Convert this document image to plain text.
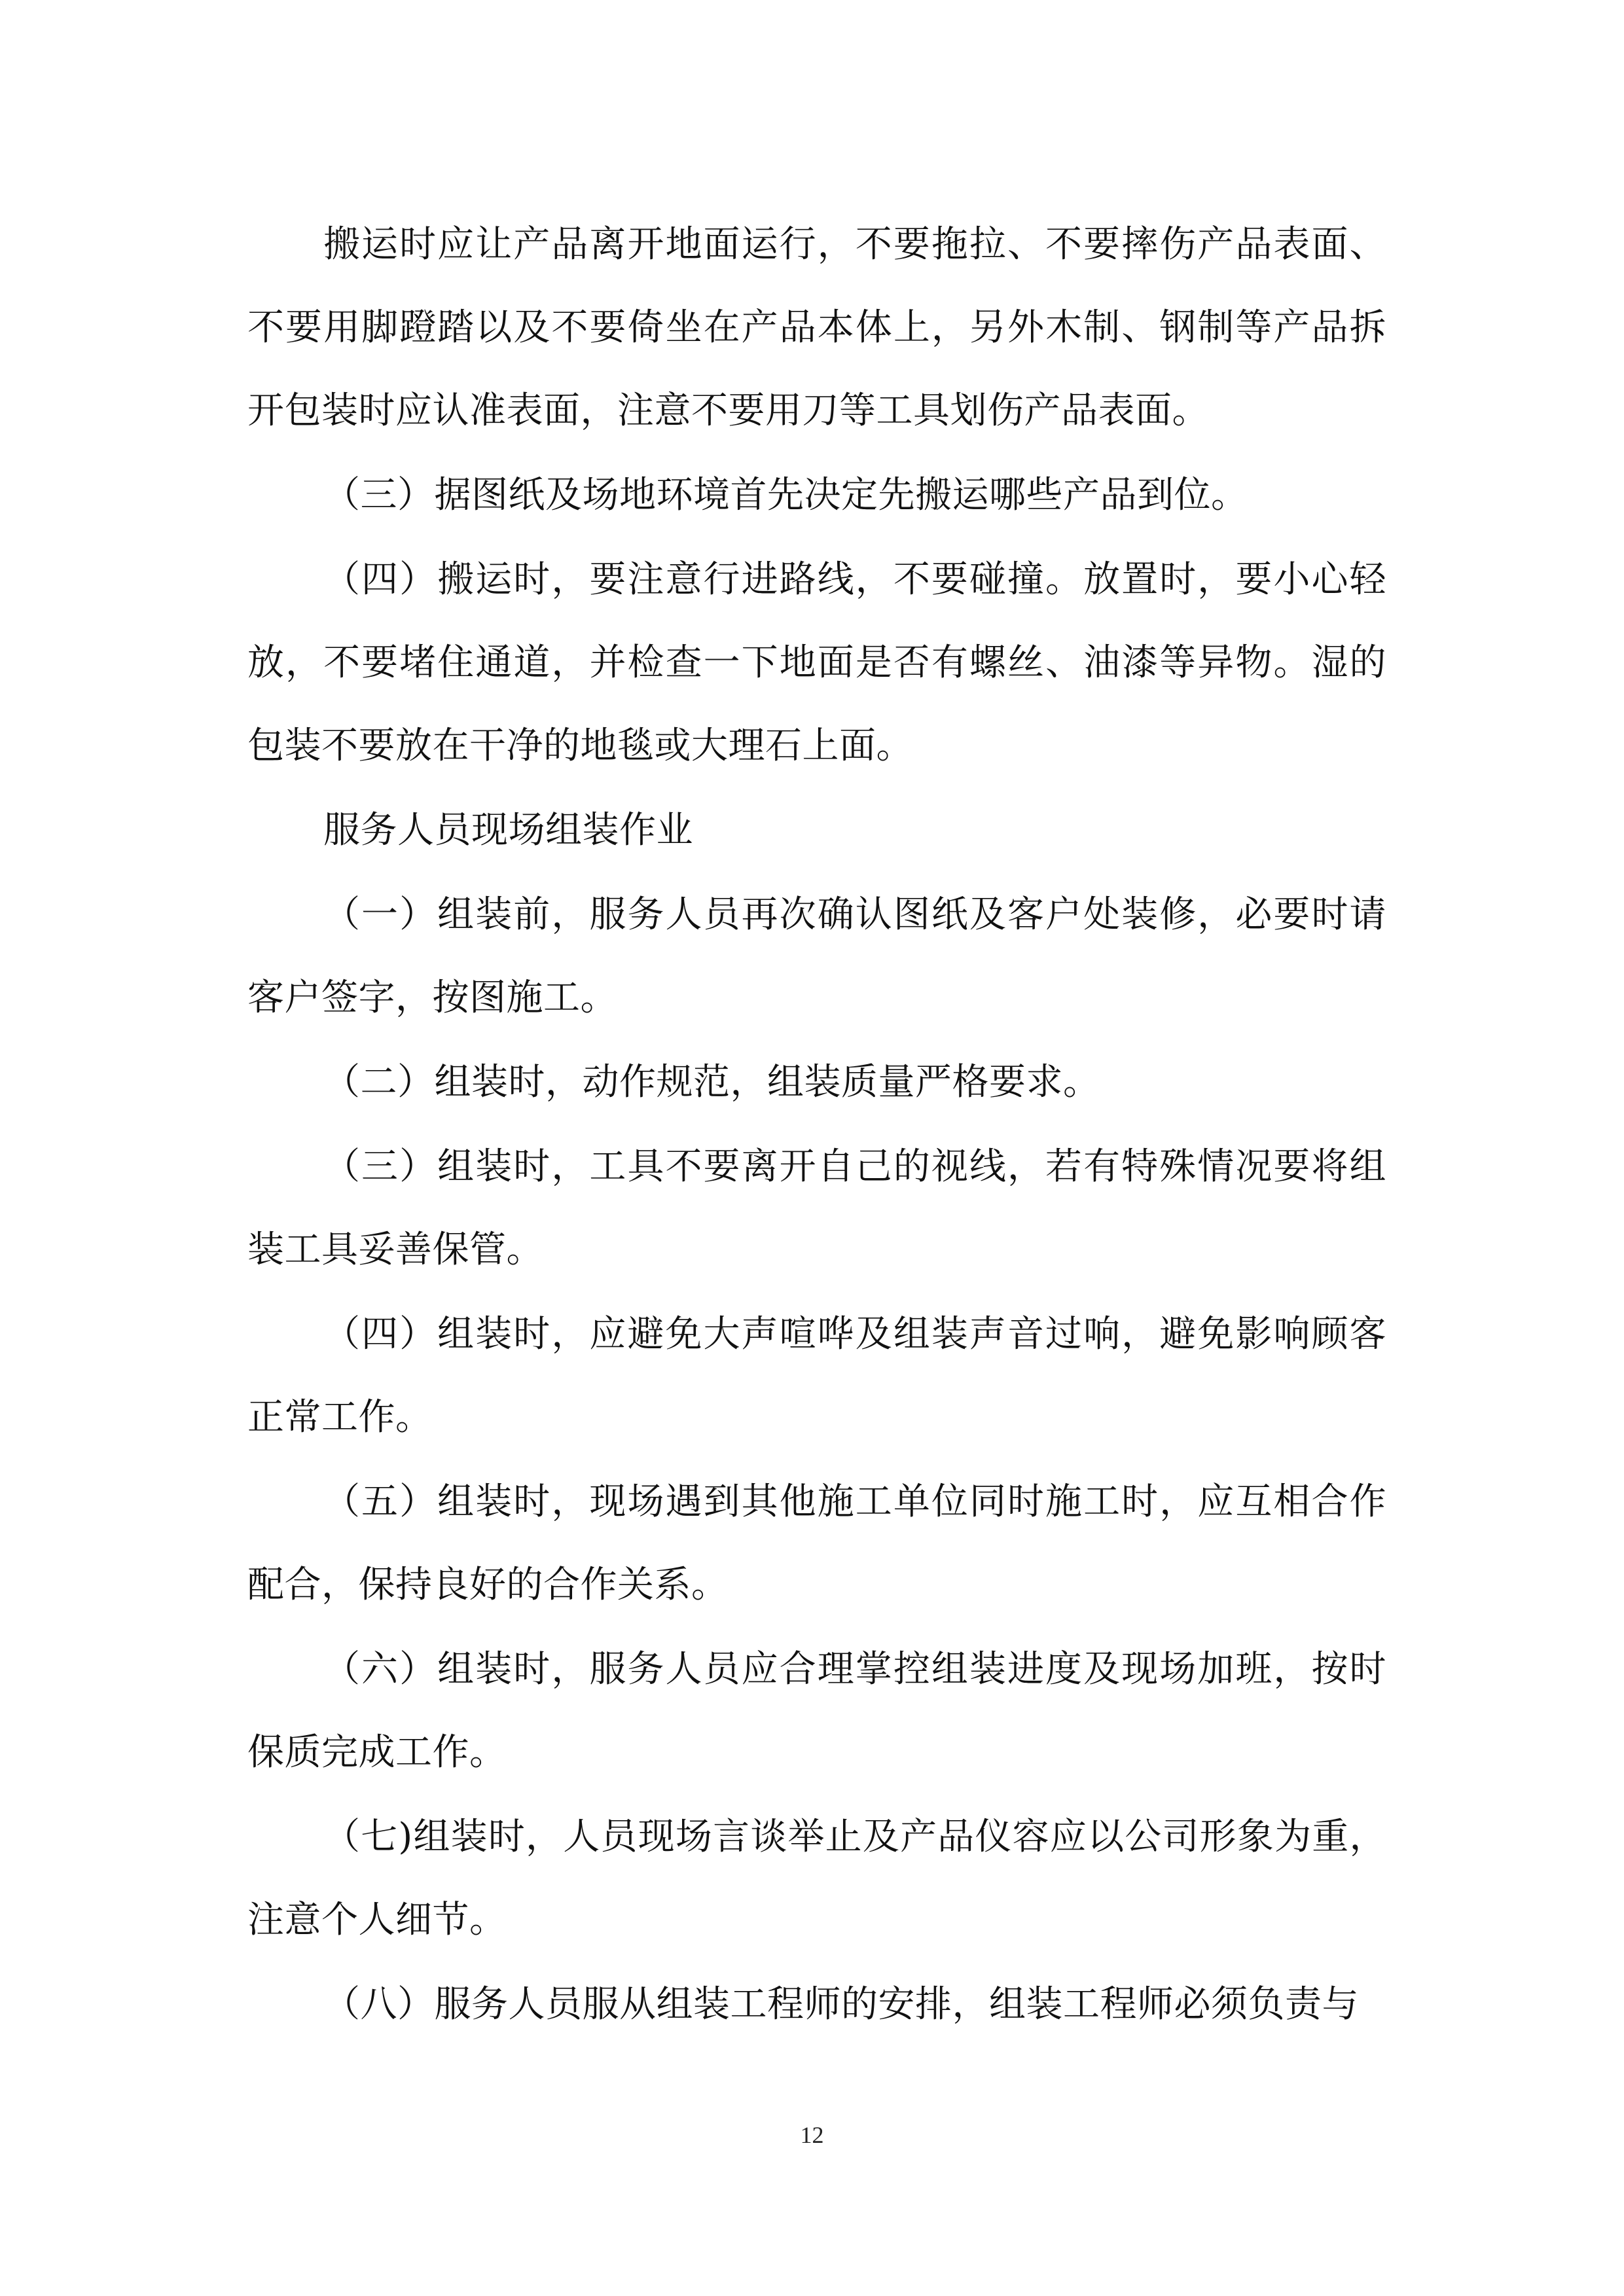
搬运时应让产品离开地面运行，不要拖拉、不要摔伤产品表面、不要用脚蹬踏以及不要倚坐在产品本体上，另外木制、钢制等产品拆开包装时应认准表面，注意不要用刀等工具划伤产品表面。

（三）据图纸及场地环境首先决定先搬运哪些产品到位。

（四）搬运时，要注意行进路线，不要碰撞。放置时，要小心轻放，不要堵住通道，并检查一下地面是否有螺丝、油漆等异物。湿的包装不要放在干净的地毯或大理石上面。

服务人员现场组装作业

（一）组装前，服务人员再次确认图纸及客户处装修，必要时请客户签字，按图施工。

（二）组装时，动作规范，组装质量严格要求。

（三）组装时，工具不要离开自己的视线，若有特殊情况要将组装工具妥善保管。

（四）组装时，应避免大声喧哗及组装声音过响，避免影响顾客正常工作。

（五）组装时，现场遇到其他施工单位同时施工时，应互相合作配合，保持良好的合作关系。

（六）组装时，服务人员应合理掌控组装进度及现场加班，按时保质完成工作。

（七)组装时，人员现场言谈举止及产品仪容应以公司形象为重，注意个人细节。

（八）服务人员服从组装工程师的安排，组装工程师必须负责与

12
